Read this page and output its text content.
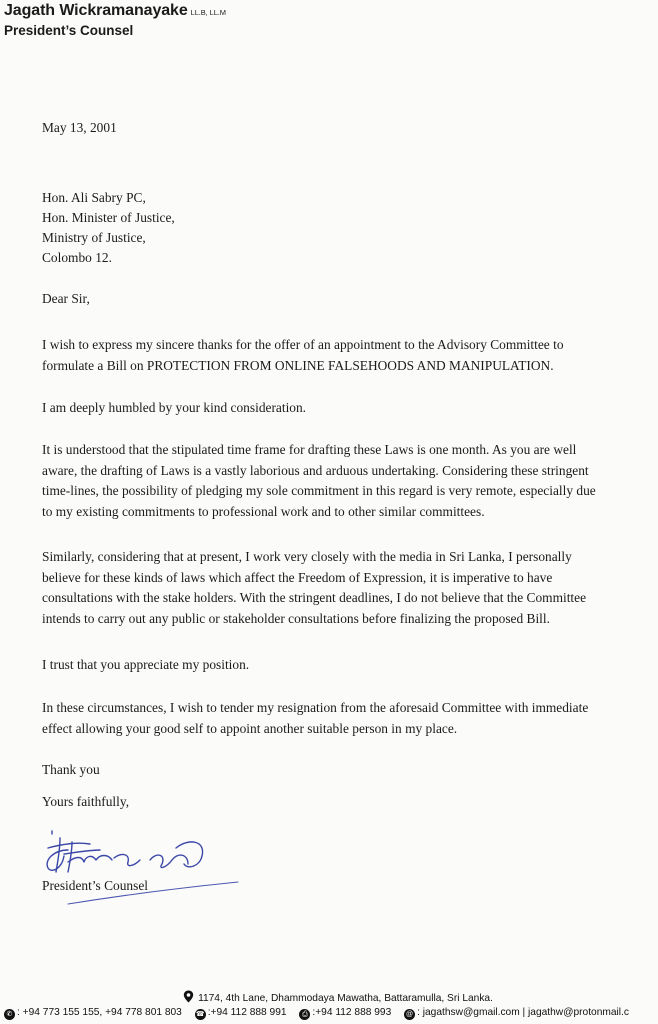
Jagath Wickramanayake LL.B, LL.M
President’s Counsel
May 13, 2001
Hon. Ali Sabry PC,
Hon. Minister of Justice,
Ministry of Justice,
Colombo 12.
Dear Sir,
I wish to express my sincere thanks for the offer of an appointment to the Advisory Committee to
formulate a Bill on PROTECTION FROM ONLINE FALSEHOODS AND MANIPULATION.
I am deeply humbled by your kind consideration.
It is understood that the stipulated time frame for drafting these Laws is one month. As you are well
aware, the drafting of Laws is a vastly laborious and arduous undertaking. Considering these stringent
time-lines, the possibility of pledging my sole commitment in this regard is very remote, especially due
to my existing commitments to professional work and to other similar committees.
Similarly, considering that at present, I work very closely with the media in Sri Lanka, I personally
believe for these kinds of laws which affect the Freedom of Expression, it is imperative to have
consultations with the stake holders. With the stringent deadlines, I do not believe that the Committee
intends to carry out any public or stakeholder consultations before finalizing the proposed Bill.
I trust that you appreciate my position.
In these circumstances, I wish to tender my resignation from the aforesaid Committee with immediate
effect allowing your good self to appoint another suitable person in my place.
Thank you
Yours faithfully,
President’s Counsel
1174, 4th Lane, Dhammodaya Mawatha, Battaramulla, Sri Lanka.
✆ : +94 773 155 155, +94 778 801 803 ☎ :+94 112 888 991 ⎙ :+94 112 888 993 @ : jagathsw@gmail.com | jagathw@protonmail.c
